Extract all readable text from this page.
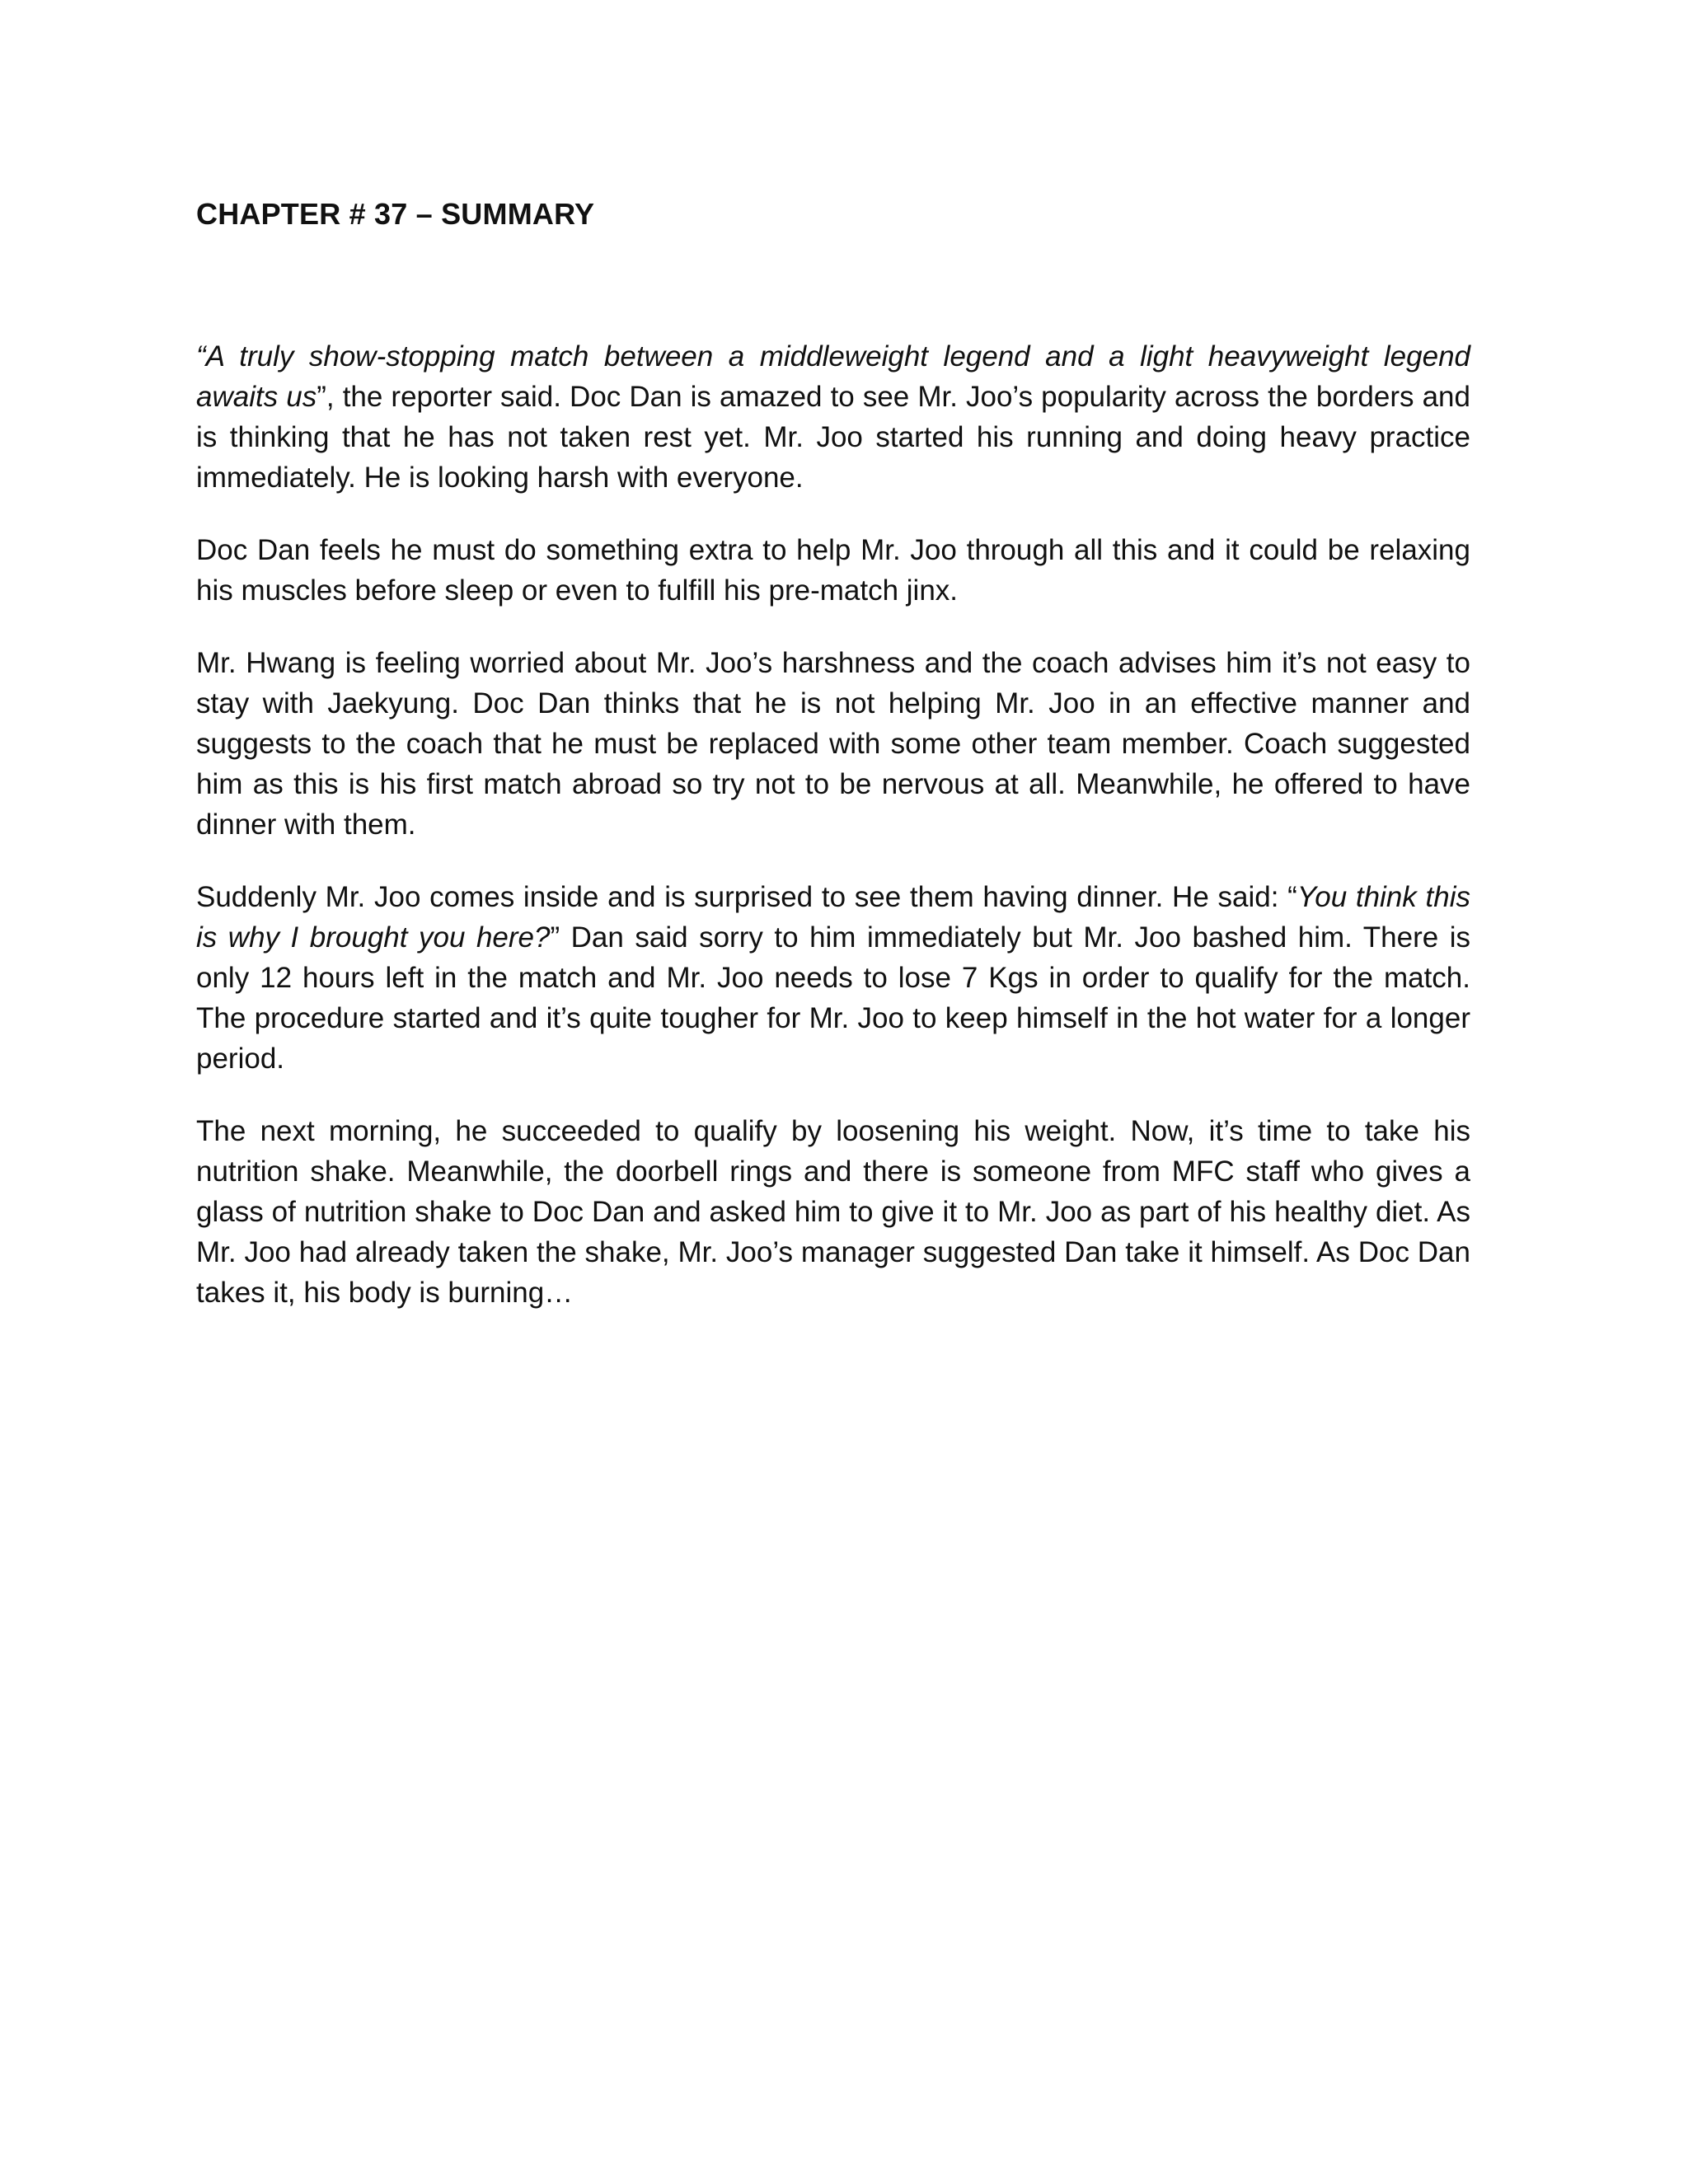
CHAPTER # 37 – SUMMARY

“A truly show-stopping match between a middleweight legend and a light heavyweight legend awaits us”, the reporter said. Doc Dan is amazed to see Mr. Joo’s popularity across the borders and is thinking that he has not taken rest yet. Mr. Joo started his running and doing heavy practice immediately. He is looking harsh with everyone.

Doc Dan feels he must do something extra to help Mr. Joo through all this and it could be relaxing his muscles before sleep or even to fulfill his pre-match jinx.

Mr. Hwang is feeling worried about Mr. Joo’s harshness and the coach advises him it’s not easy to stay with Jaekyung. Doc Dan thinks that he is not helping Mr. Joo in an effective manner and suggests to the coach that he must be replaced with some other team member. Coach suggested him as this is his first match abroad so try not to be nervous at all. Meanwhile, he offered to have dinner with them.

Suddenly Mr. Joo comes inside and is surprised to see them having dinner. He said: “You think this is why I brought you here?” Dan said sorry to him immediately but Mr. Joo bashed him. There is only 12 hours left in the match and Mr. Joo needs to lose 7 Kgs in order to qualify for the match. The procedure started and it’s quite tougher for Mr. Joo to keep himself in the hot water for a longer period.

The next morning, he succeeded to qualify by loosening his weight. Now, it’s time to take his nutrition shake. Meanwhile, the doorbell rings and there is someone from MFC staff who gives a glass of nutrition shake to Doc Dan and asked him to give it to Mr. Joo as part of his healthy diet. As Mr. Joo had already taken the shake, Mr. Joo’s manager suggested Dan take it himself. As Doc Dan takes it, his body is burning…
